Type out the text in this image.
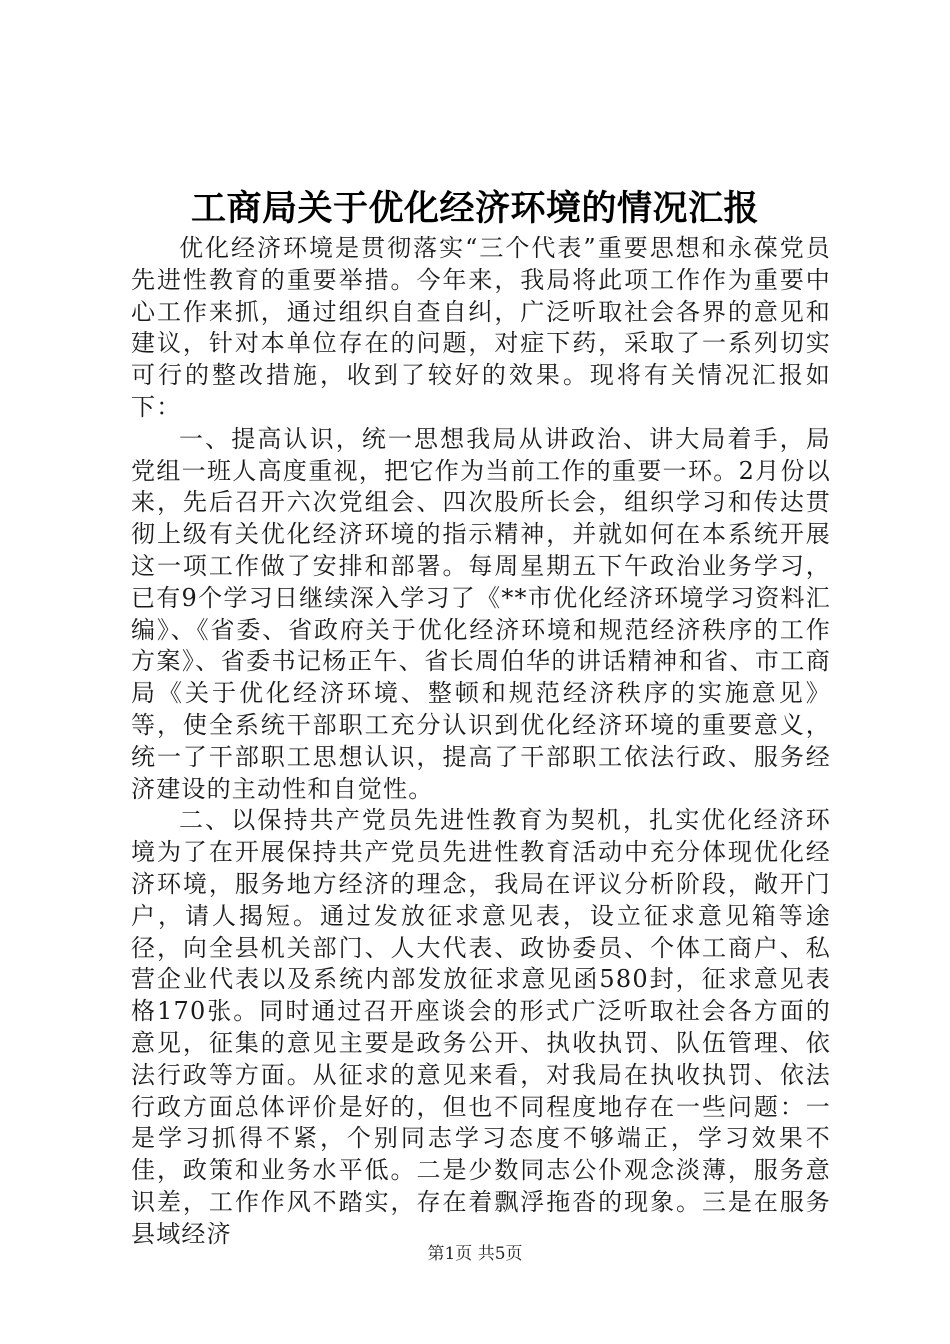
工商局关于优化经济环境的情况汇报

优化经济环境是贯彻落实“三个代表”重要思想和永葆党员先进性教育的重要举措。今年来，我局将此项工作作为重要中心工作来抓，通过组织自查自纠，广泛听取社会各界的意见和建议，针对本单位存在的问题，对症下药，采取了一系列切实可行的整改措施，收到了较好的效果。现将有关情况汇报如下：

一、提高认识，统一思想我局从讲政治、讲大局着手，局党组一班人高度重视，把它作为当前工作的重要一环。2月份以来，先后召开六次党组会、四次股所长会，组织学习和传达贯彻上级有关优化经济环境的指示精神，并就如何在本系统开展这一项工作做了安排和部署。每周星期五下午政治业务学习，已有9个学习日继续深入学习了《**市优化经济环境学习资料汇编》、《省委、省政府关于优化经济环境和规范经济秩序的工作方案》、省委书记杨正午、省长周伯华的讲话精神和省、市工商局《关于优化经济环境、整顿和规范经济秩序的实施意见》等，使全系统干部职工充分认识到优化经济环境的重要意义，统一了干部职工思想认识，提高了干部职工依法行政、服务经济建设的主动性和自觉性。

二、以保持共产党员先进性教育为契机，扎实优化经济环境为了在开展保持共产党员先进性教育活动中充分体现优化经济环境，服务地方经济的理念，我局在评议分析阶段，敞开门户，请人揭短。通过发放征求意见表，设立征求意见箱等途径，向全县机关部门、人大代表、政协委员、个体工商户、私营企业代表以及系统内部发放征求意见函580封，征求意见表格170张。同时通过召开座谈会的形式广泛听取社会各方面的意见，征集的意见主要是政务公开、执收执罚、队伍管理、依法行政等方面。从征求的意见来看，对我局在执收执罚、依法行政方面总体评价是好的，但也不同程度地存在一些问题：一是学习抓得不紧，个别同志学习态度不够端正，学习效果不佳，政策和业务水平低。二是少数同志公仆观念淡薄，服务意识差，工作作风不踏实，存在着飘浮拖沓的现象。三是在服务县域经济

第1页 共5页
